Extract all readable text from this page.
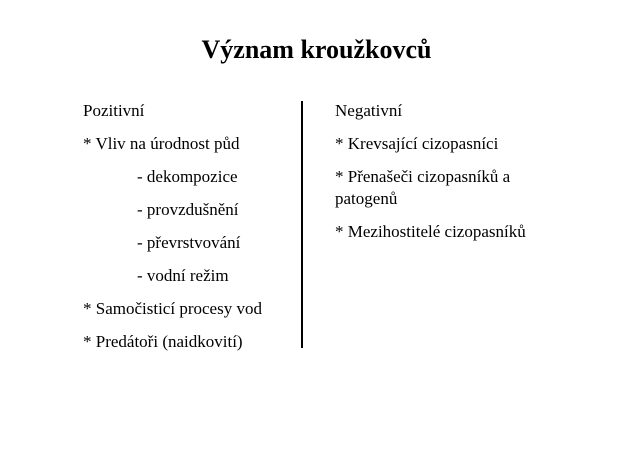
Význam kroužkovců
Pozitivní
* Vliv na úrodnost půd
- dekompozice
- provzdušnění
- převrstvování
- vodní režim
* Samočisticí procesy vod
* Predátoři (naidkovití)
Negativní
* Krevsající cizopasníci
* Přenašeči cizopasníků a patogenů
* Mezihostitelé cizopasníků
